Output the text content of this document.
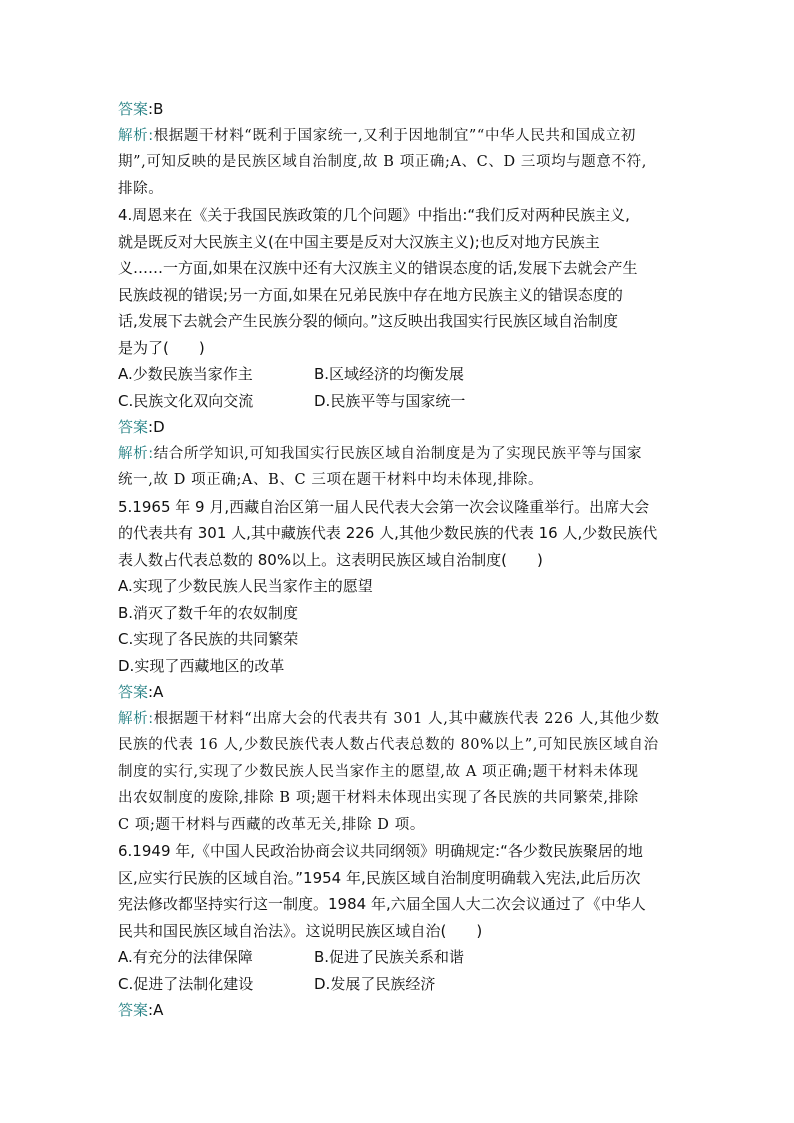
答案:B
解析:根据题干材料“既利于国家统一,又利于因地制宜”“中华人民共和国成立初
期”,可知反映的是民族区域自治制度,故 B 项正确;A、C、D 三项均与题意不符,
排除。
4.周恩来在《关于我国民族政策的几个问题》中指出:“我们反对两种民族主义,
就是既反对大民族主义(在中国主要是反对大汉族主义);也反对地方民族主
义……一方面,如果在汉族中还有大汉族主义的错误态度的话,发展下去就会产生
民族歧视的错误;另一方面,如果在兄弟民族中存在地方民族主义的错误态度的
话,发展下去就会产生民族分裂的倾向。”这反映出我国实行民族区域自治制度
是为了(　　)
A.少数民族当家作主	B.区域经济的均衡发展
C.民族文化双向交流	D.民族平等与国家统一
答案:D
解析:结合所学知识,可知我国实行民族区域自治制度是为了实现民族平等与国家
统一,故 D 项正确;A、B、C 三项在题干材料中均未体现,排除。
5.1965 年 9 月,西藏自治区第一届人民代表大会第一次会议隆重举行。出席大会
的代表共有 301 人,其中藏族代表 226 人,其他少数民族的代表 16 人,少数民族代
表人数占代表总数的 80%以上。这表明民族区域自治制度(　　)
A.实现了少数民族人民当家作主的愿望
B.消灭了数千年的农奴制度
C.实现了各民族的共同繁荣
D.实现了西藏地区的改革
答案:A
解析:根据题干材料“出席大会的代表共有 301 人,其中藏族代表 226 人,其他少数
民族的代表 16 人,少数民族代表人数占代表总数的 80%以上”,可知民族区域自治
制度的实行,实现了少数民族人民当家作主的愿望,故 A 项正确;题干材料未体现
出农奴制度的废除,排除 B 项;题干材料未体现出实现了各民族的共同繁荣,排除
C 项;题干材料与西藏的改革无关,排除 D 项。
6.1949 年,《中国人民政治协商会议共同纲领》明确规定:“各少数民族聚居的地
区,应实行民族的区域自治。”1954 年,民族区域自治制度明确载入宪法,此后历次
宪法修改都坚持实行这一制度。1984 年,六届全国人大二次会议通过了《中华人
民共和国民族区域自治法》。这说明民族区域自治(　　)
A.有充分的法律保障	B.促进了民族关系和谐
C.促进了法制化建设	D.发展了民族经济
答案:A
